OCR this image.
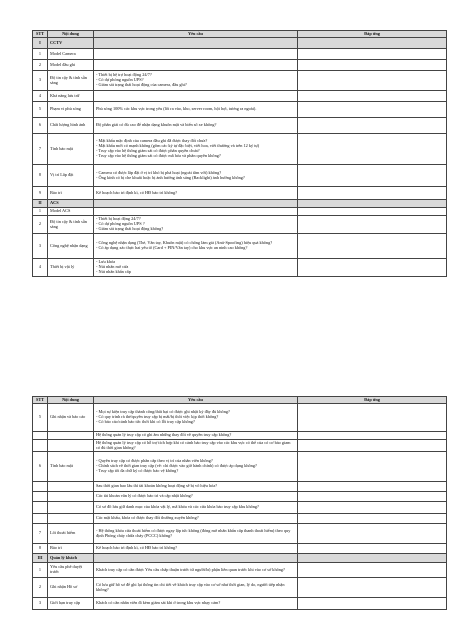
STT	Nội dung	Yêu cầu	Đáp ứng
I	CCTV		
1	Model Camera		
2	Model đầu ghi		
3	Độ tin cậy & tính sẵn sàng	- Thiết bị hệ trợ hoạt động 24/7?
- Có dự phòng nguồn UPS?
- Giám sát trạng thái hoạt động của camera, đầu ghi?	
4	Khả năng lưu trữ		
5	Phạm vi phủ sóng	Phủ sóng 100% các khu vực trong yêu (lối ra vào, kho, server room, hội hợi, tương ra ngoài).	
6	Chất lượng hình ảnh	Độ phân giải có đủ cao để nhận dạng khuôn mặt và biển số xe không?	
7	Tính bảo mật	- Mật khẩu mặc định của camera đầu ghi đã được thay đổi chưa?
- Mật khẩu mới có mạnh không (gồm các ký tự đặc biệt, viết hoa, viết thường và trên 12 ký tự)
- Truy cập vào hệ thống giám sát có được phân quyền chưa?
- Truy cập vào hệ thống giám sát có được mã hóa và phân quyền không?	
8	Vị trí Lắp đặt	- Camera có được lắp đặt ở vị trí khó bị phá hoại (ngoài tầm với) không?
- Ống kính có bị che khuất hoặc bị ảnh hưởng ánh sáng (Backlight) ảnh hưởng không?	
9	Bảo trì	Kế hoạch bảo trì định kì, có HĐ bảo trì không?	
II	ACS		
1	Model ACS		
2	Độ tin cậy & tính sẵn sàng	- Thiết bị hoạt động 24/7?
- Có dự phòng nguồn UPS ?
- Giám sát trạng thái hoạt động không?	
3	Công nghệ nhận dạng	- Công nghệ nhận dạng (Thẻ, Vân tay, Khuôn mặt) có chống làm giả (Anti-Spoofing) hiệu quả không?
- Có áp dụng xác thực hai yếu tố (Card + PIN/Vân tay) cho khu vực an ninh cao không?	
4	Thiết bị vật lý	- Lưu khóa
- Nút nhấn mở cửa
- Nút nhấn khẩn cấp	
STT	Nội dung	Yêu cầu	Đáp ứng
5	Ghi nhận và báo cáo	- Mọi sự kiện truy cập thành công/thất bại có được ghi nhật ký đầy đủ không?
- Có quy trình rà thẻ/quyền truy cập bị mất/bị thôi việc kịp thời không?
- Có báo cáo/cảnh báo tức thời khi có lỗi truy cập không?	
		Hệ thống quản lý truy cập có ghi âm những thay đổi về quyền truy cập không?	
		Hệ thống quản lý truy cập có hỗ trợ tích hợp khi có cảnh báo truy cập vào các khu vực có thể của có cơ bảo giam có đủ thời gian không?	
6	Tính bảo mật	- Quyền truy cập có được phân cấp theo vị trí của nhân viên không?
- Chính sách về thời gian truy cập (về: chỉ được vào giờ hành chính) có được áp dụng không?
- Truy cập tối đa chữ ký có được bảo vệ không?	
		Sau thời gian bao lâu thì tài khoản không hoạt động sẽ bị vô hiệu hóa?	
		Các tài khoản vân lý có được bảo trì và cập nhật không?	
		Có sơ đồ lưu giữ danh mục của khóa vật lý, mã khóa và các cửa khóa bảo truy cập khu không?	
		Các mật khẩu, khóa có được thay đổi thường xuyên không?	
7	Lối thoát hiểm	- Hệ thống khóa cửa thoát hiểm có được ngay lập tức không (đóng mở nhấn khẩn cấp thanh thoát hiểm) theo quy định Phòng cháy chữa cháy (PCCC) không?	
8	Bảo trì	Kế hoạch bảo trì định kì, có HĐ bảo trì không?	
III	Quản lý khách		
1	Yêu cầu phê duyệt trước	Khách truy cập có cần được Yêu cầu chấp thuận trước từ người/bộ phận liên quan trước khi vào cơ sở không?	
2	Ghi nhận Hồ sơ	Có lưu giữ hồ sơ để ghi lại thông tin chi tiết về khách truy cập vào cơ sở như thời gian, lý do, người tiếp nhận không?	
3	Giới hạn truy cập	Khách có cần nhân viên đi kèm giám sát khi ở trong khu vực nhạy cảm?	
